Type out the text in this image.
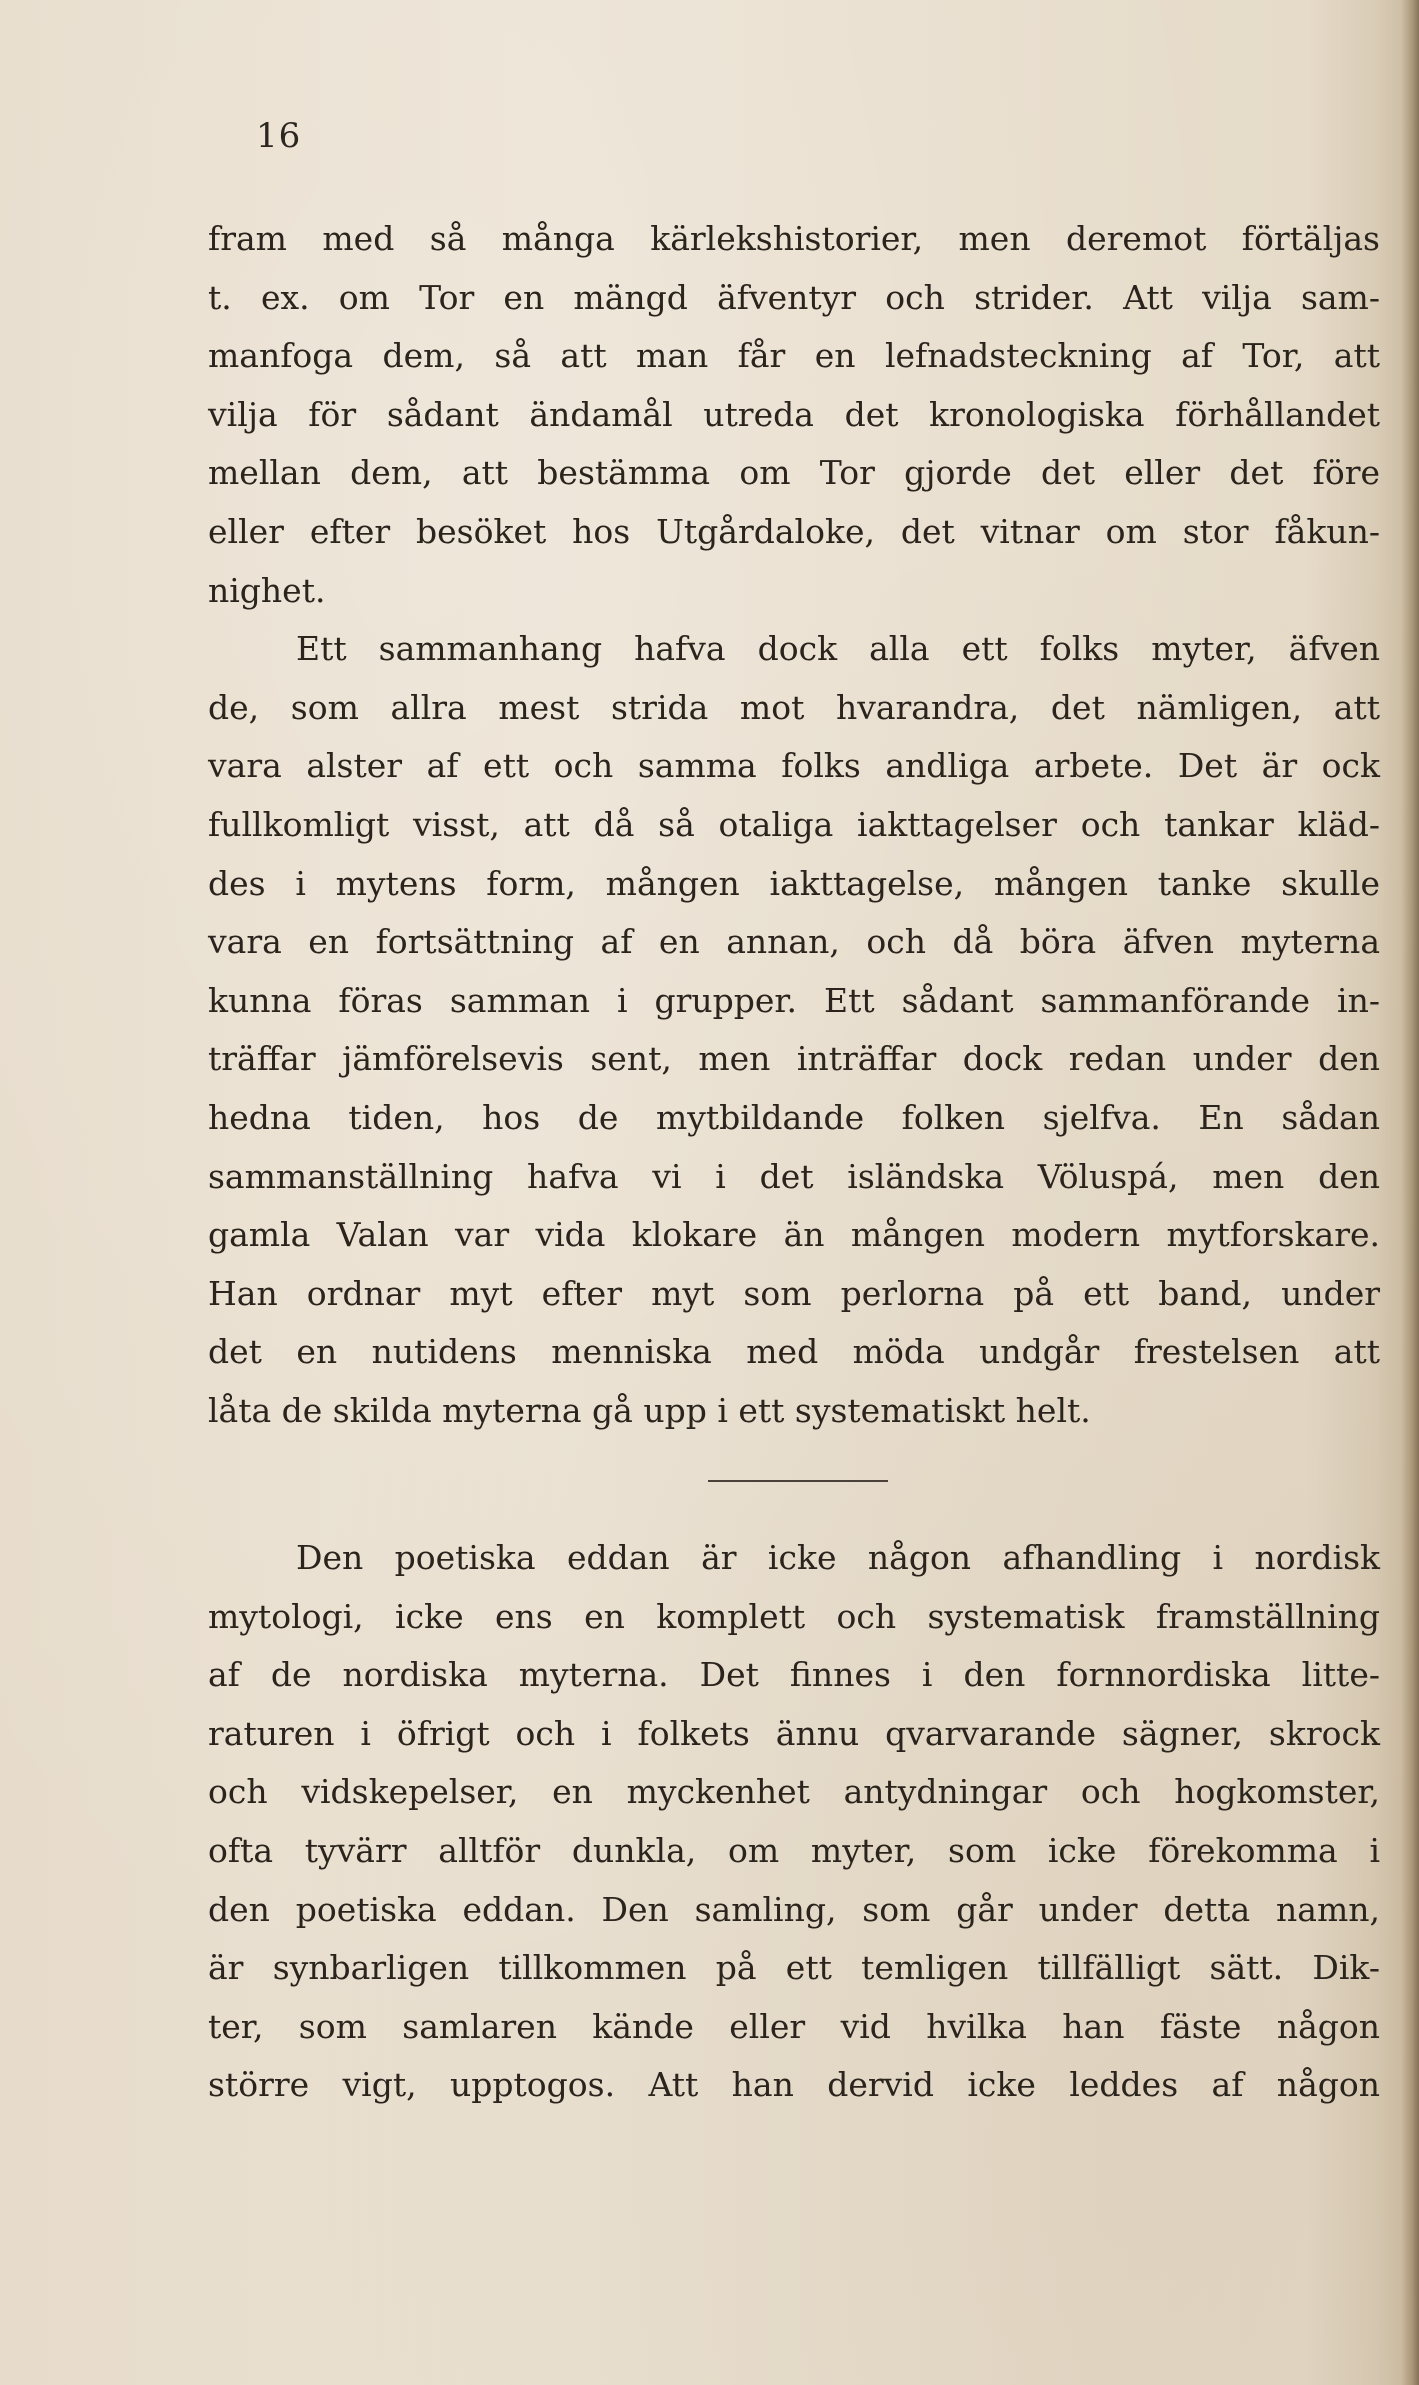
16
fram med så många kärlekshistorier, men deremot förtäljas
t. ex. om Tor en mängd äfventyr och strider. Att vilja sam-
manfoga dem, så att man får en lefnadsteckning af Tor, att
vilja för sådant ändamål utreda det kronologiska förhållandet
mellan dem, att bestämma om Tor gjorde det eller det före
eller efter besöket hos Utgårdaloke, det vitnar om stor fåkun-
nighet.
Ett sammanhang hafva dock alla ett folks myter, äfven
de, som allra mest strida mot hvarandra, det nämligen, att
vara alster af ett och samma folks andliga arbete. Det är ock
fullkomligt visst, att då så otaliga iakttagelser och tankar kläd-
des i mytens form, mången iakttagelse, mången tanke skulle
vara en fortsättning af en annan, och då böra äfven myterna
kunna föras samman i grupper. Ett sådant sammanförande in-
träffar jämförelsevis sent, men inträffar dock redan under den
hedna tiden, hos de mytbildande folken sjelfva. En sådan
sammanställning hafva vi i det isländska Völuspá, men den
gamla Valan var vida klokare än mången modern mytforskare.
Han ordnar myt efter myt som perlorna på ett band, under
det en nutidens menniska med möda undgår frestelsen att
låta de skilda myterna gå upp i ett systematiskt helt.
Den poetiska eddan är icke någon afhandling i nordisk
mytologi, icke ens en komplett och systematisk framställning
af de nordiska myterna. Det finnes i den fornnordiska litte-
raturen i öfrigt och i folkets ännu qvarvarande sägner, skrock
och vidskepelser, en myckenhet antydningar och hogkomster,
ofta tyvärr alltför dunkla, om myter, som icke förekomma i
den poetiska eddan. Den samling, som går under detta namn,
är synbarligen tillkommen på ett temligen tillfälligt sätt. Dik-
ter, som samlaren kände eller vid hvilka han fäste någon
större vigt, upptogos. Att han dervid icke leddes af någon
